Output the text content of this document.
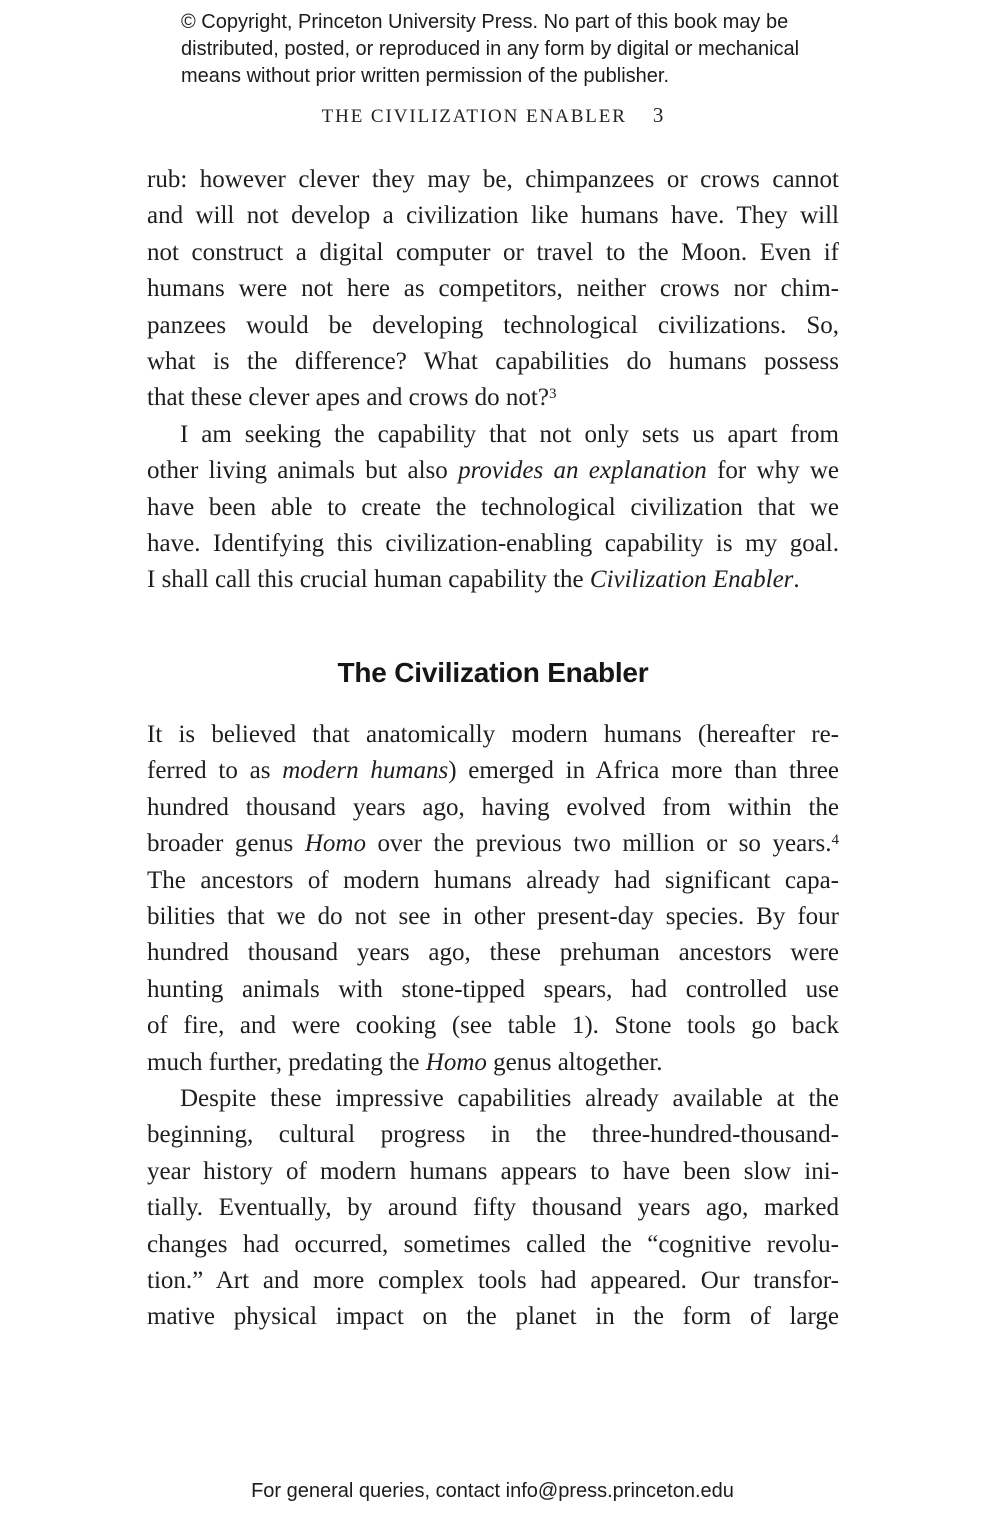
© Copyright, Princeton University Press. No part of this book may be
distributed, posted, or reproduced in any form by digital or mechanical
means without prior written permission of the publisher.
THE CIVILIZATION ENABLER 3
rub: however clever they may be, chimpanzees or crows cannot
and will not develop a civilization like humans have. They will
not construct a digital computer or travel to the Moon. Even if
humans were not here as competitors, neither crows nor chim-
panzees would be developing technological civilizations. So,
what is the difference? What capabilities do humans possess
that these clever apes and crows do not?$^3$
I am seeking the capability that not only sets us apart from
other living animals but also provides an explanation for why we
have been able to create the technological civilization that we
have. Identifying this civilization-enabling capability is my goal.
I shall call this crucial human capability the Civilization Enabler.
The Civilization Enabler
It is believed that anatomically modern humans (hereafter re-
ferred to as modern humans) emerged in Africa more than three
hundred thousand years ago, having evolved from within the
broader genus Homo over the previous two million or so years.$^4$
The ancestors of modern humans already had significant capa-
bilities that we do not see in other present-day species. By four
hundred thousand years ago, these prehuman ancestors were
hunting animals with stone-tipped spears, had controlled use
of fire, and were cooking (see table 1). Stone tools go back
much further, predating the Homo genus altogether.
Despite these impressive capabilities already available at the
beginning, cultural progress in the three-hundred-thousand-
year history of modern humans appears to have been slow ini-
tially. Eventually, by around fifty thousand years ago, marked
changes had occurred, sometimes called the “cognitive revolu-
tion.” Art and more complex tools had appeared. Our transfor-
mative physical impact on the planet in the form of large
For general queries, contact info@press.princeton.edu
